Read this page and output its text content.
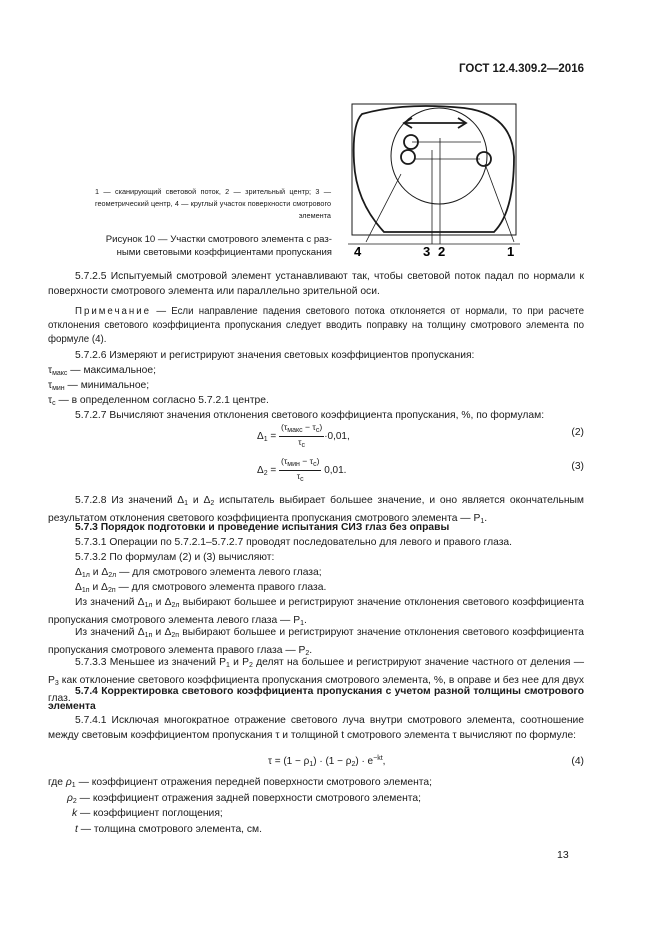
ГОСТ 12.4.309.2—2016
4	3 2	1
1 — сканирующий световой поток, 2 — зрительный центр; 3 — геометрический центр, 4 — круглый участок поверхности смотрового элемента
Рисунок 10 — Участки смотрового элемента с раз-
ными световыми коэффициентами пропускания
5.7.2.5 Испытуемый смотровой элемент устанавливают так, чтобы световой поток падал по нормали к поверхности смотрового элемента или параллельно зрительной оси.
Примечание — Если направление падения светового потока отклоняется от нормали, то при расчете отклонения светового коэффициента пропускания следует вводить поправку на толщину смотрового элемента по формуле (4).
5.7.2.6 Измеряют и регистрируют значения световых коэффициентов пропускания:
$\tau_{макс}$ — максимальное;
$\tau_{мин}$ — минимальное;
$\tau_c$ — в определенном согласно 5.7.2.1 центре.
5.7.2.7 Вычисляют значения отклонения светового коэффициента пропускания, %, по формулам:
$\Delta_1 = \frac{(\tau_{макс} - \tau_с)}{\tau_с} \cdot 0,01$,	(2)
$\Delta_2 = \frac{(\tau_{мин} - \tau_с)}{\tau_с} 0,01$.	(3)
5.7.2.8 Из значений $\Delta_1$ и $\Delta_2$ испытатель выбирает большее значение, и оно является окончательным результатом отклонения светового коэффициента пропускания смотрового элемента — $P_1$.
5.7.3 Порядок подготовки и проведение испытания СИЗ глаз без оправы
5.7.3.1 Операции по 5.7.2.1–5.7.2.7 проводят последовательно для левого и правого глаза.
5.7.3.2 По формулам (2) и (3) вычисляют:
$\Delta_{1л}$ и $\Delta_{2л}$ — для смотрового элемента левого глаза;
$\Delta_{1п}$ и $\Delta_{2п}$ — для смотрового элемента правого глаза.
Из значений $\Delta_{1л}$ и $\Delta_{2л}$ выбирают большее и регистрируют значение отклонения светового коэффициента пропускания смотрового элемента левого глаза — $P_1$.
Из значений $\Delta_{1п}$ и $\Delta_{2п}$ выбирают большее и регистрируют значение отклонения светового коэффициента пропускания смотрового элемента правого глаза — $P_2$.
5.7.3.3 Меньшее из значений $P_1$ и $P_2$ делят на большее и регистрируют значение частного от деления $—P_3$ как отклонение светового коэффициента пропускания смотрового элемента, %, в оправе и без нее для двух глаз.
5.7.4 Корректировка светового коэффициента пропускания с учетом разной толщины смотрового элемента
5.7.4.1 Исключая многократное отражение светового луча внутри смотрового элемента, соотношение между световым коэффициентом пропускания τ и толщиной t смотрового элемента τ вычисляют по формуле:
$\tau = (1 - \rho_1) \cdot (1 - \rho_2) \cdot e^{-kt}$,	(4)
где $\rho_1$ — коэффициент отражения передней поверхности смотрового элемента;
$\rho_2$ — коэффициент отражения задней поверхности смотрового элемента;
k — коэффициент поглощения;
t — толщина смотрового элемента, см.
13
